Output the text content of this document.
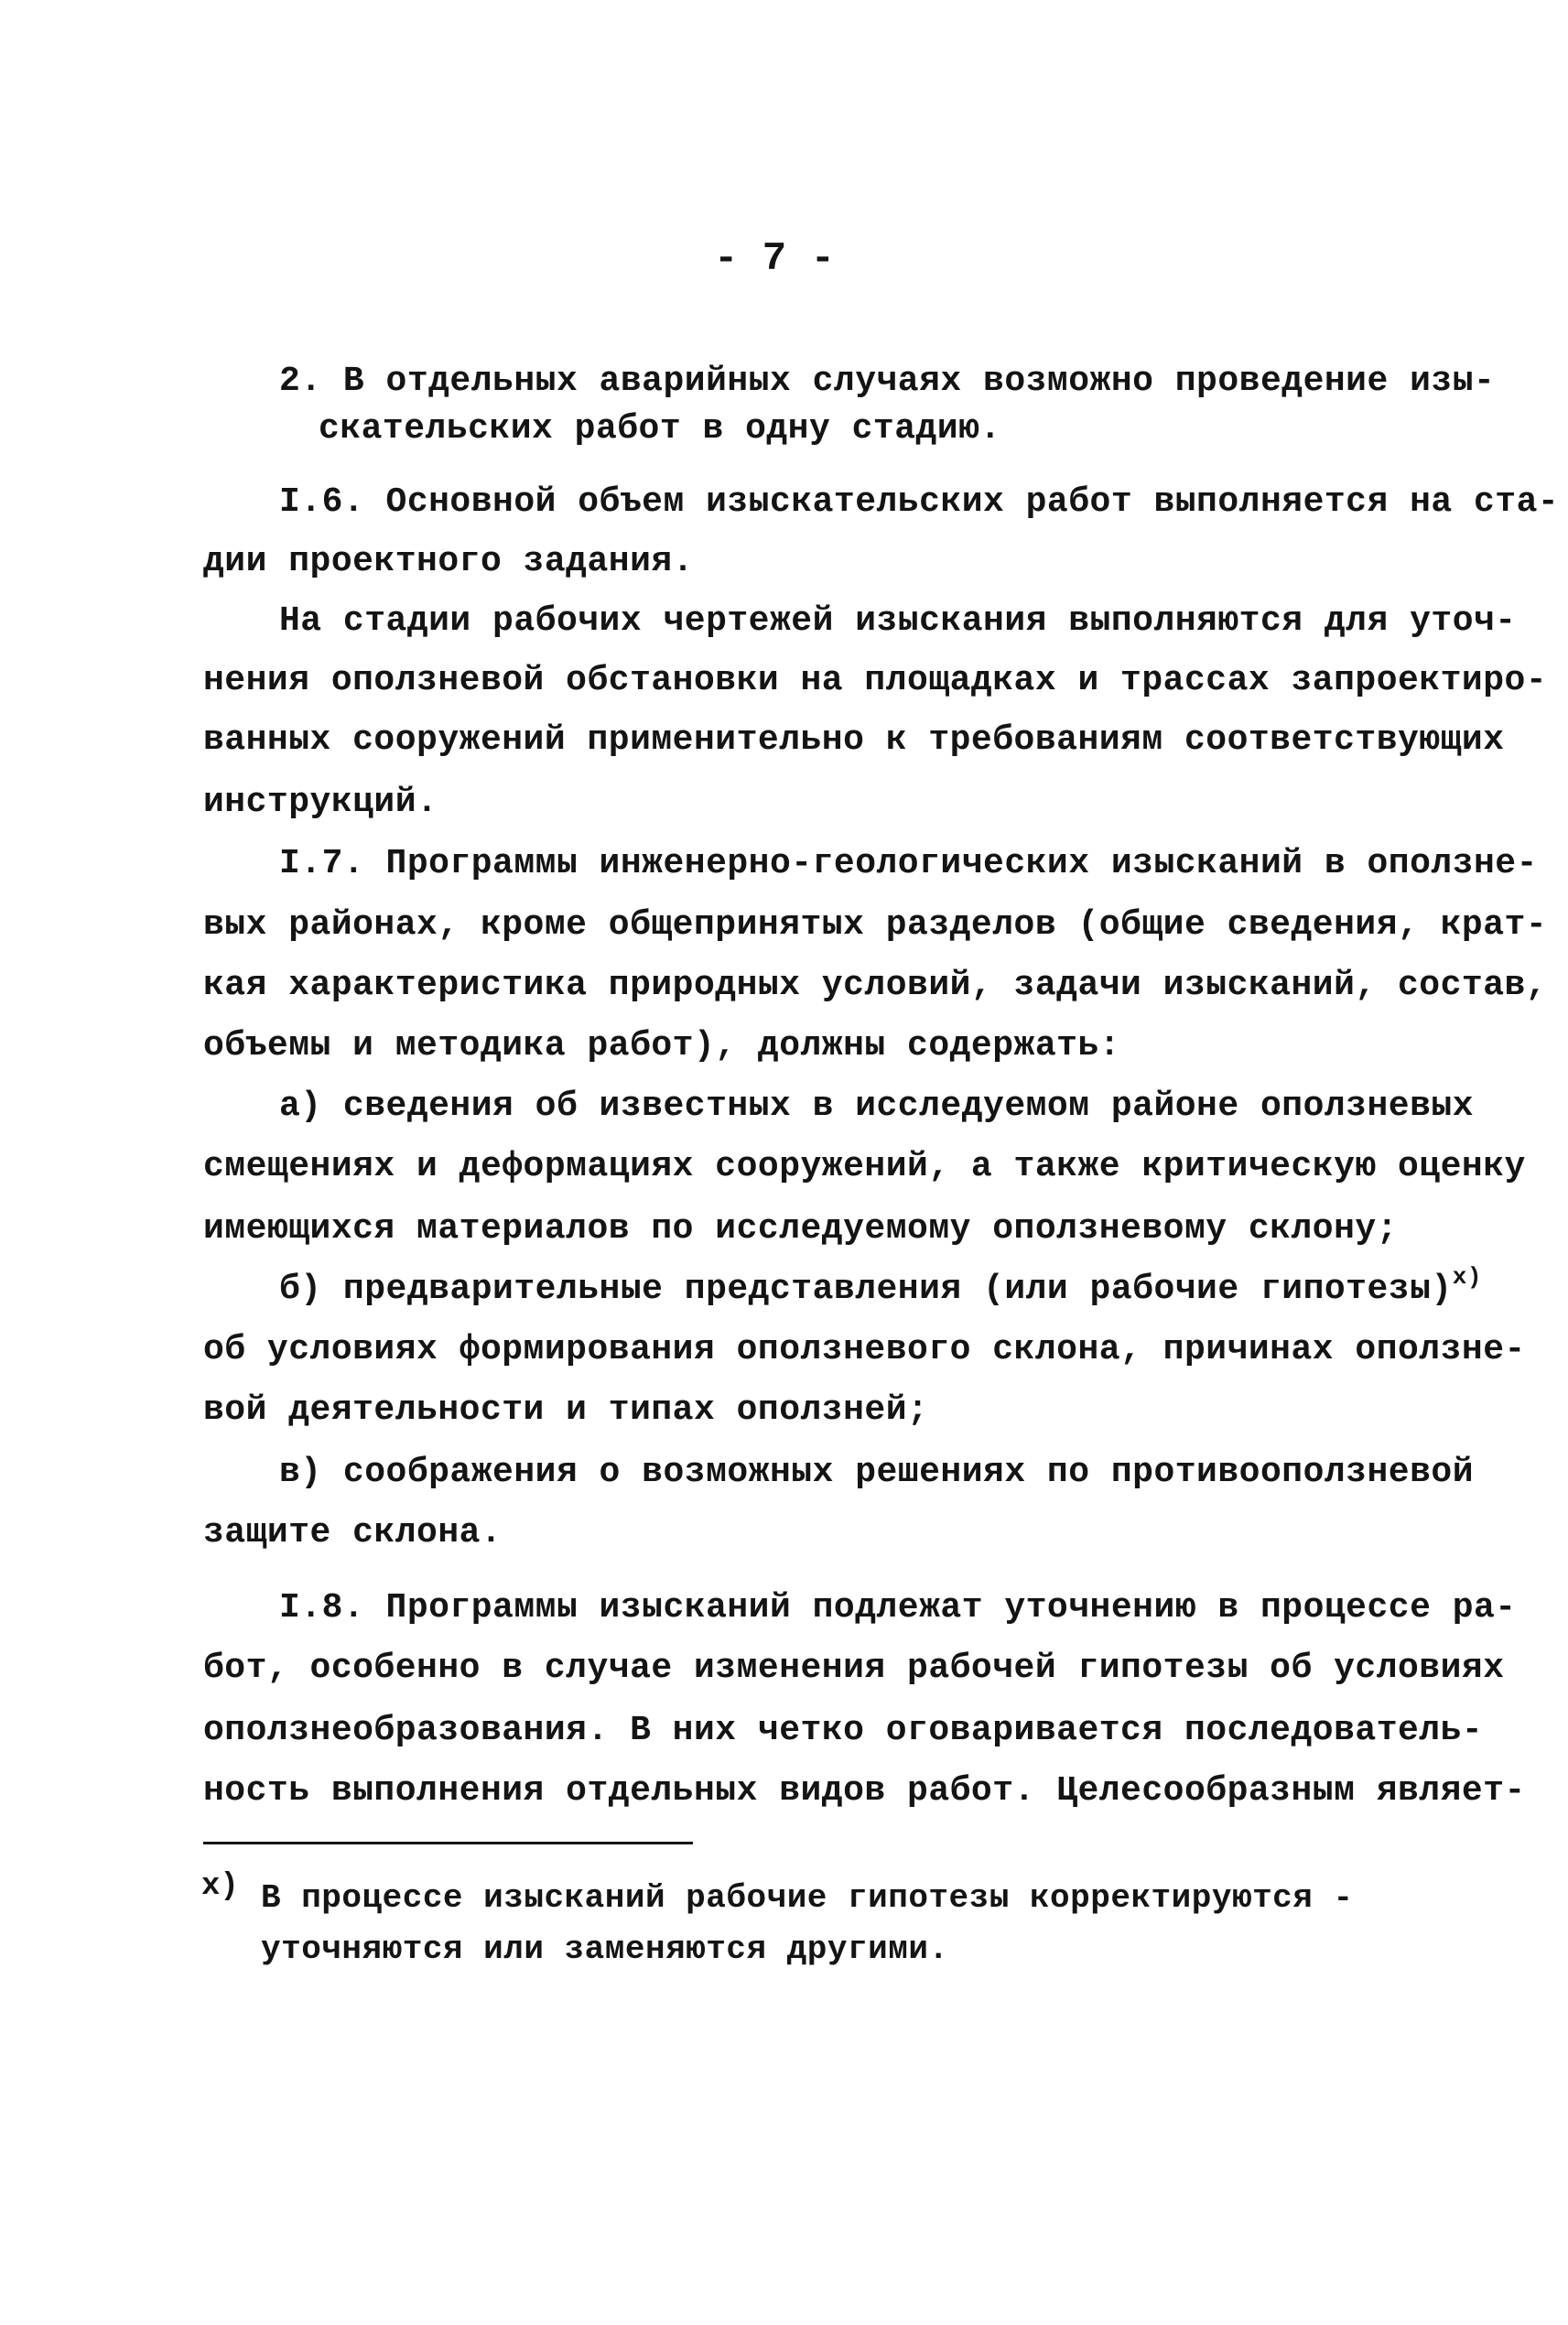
- 7 -
2. В отдельных аварийных случаях возможно проведение изы-
скательских работ в одну стадию.
I.6. Основной объем изыскательских работ выполняется на ста-
дии проектного задания.
На стадии рабочих чертежей изыскания выполняются для уточ-
нения оползневой обстановки на площадках и трассах запроектиро-
ванных сооружений применительно к требованиям соответствующих
инструкций.
I.7. Программы инженерно-геологических изысканий в оползне-
вых районах, кроме общепринятых разделов (общие сведения, крат-
кая характеристика природных условий, задачи изысканий, состав,
объемы и методика работ), должны содержать:
а) сведения об известных в исследуемом районе оползневых
смещениях и деформациях сооружений, а также критическую оценку
имеющихся материалов по исследуемому оползневому склону;
б) предварительные представления (или рабочие гипотезы)$^{x)}$
об условиях формирования оползневого склона, причинах оползне-
вой деятельности и типах оползней;
в) соображения о возможных решениях по противооползневой
защите склона.
I.8. Программы изысканий подлежат уточнению в процессе ра-
бот, особенно в случае изменения рабочей гипотезы об условиях
оползнеобразования. В них четко оговаривается последователь-
ность выполнения отдельных видов работ. Целесообразным являет-
x) В процессе изысканий рабочие гипотезы корректируются -
уточняются или заменяются другими.
